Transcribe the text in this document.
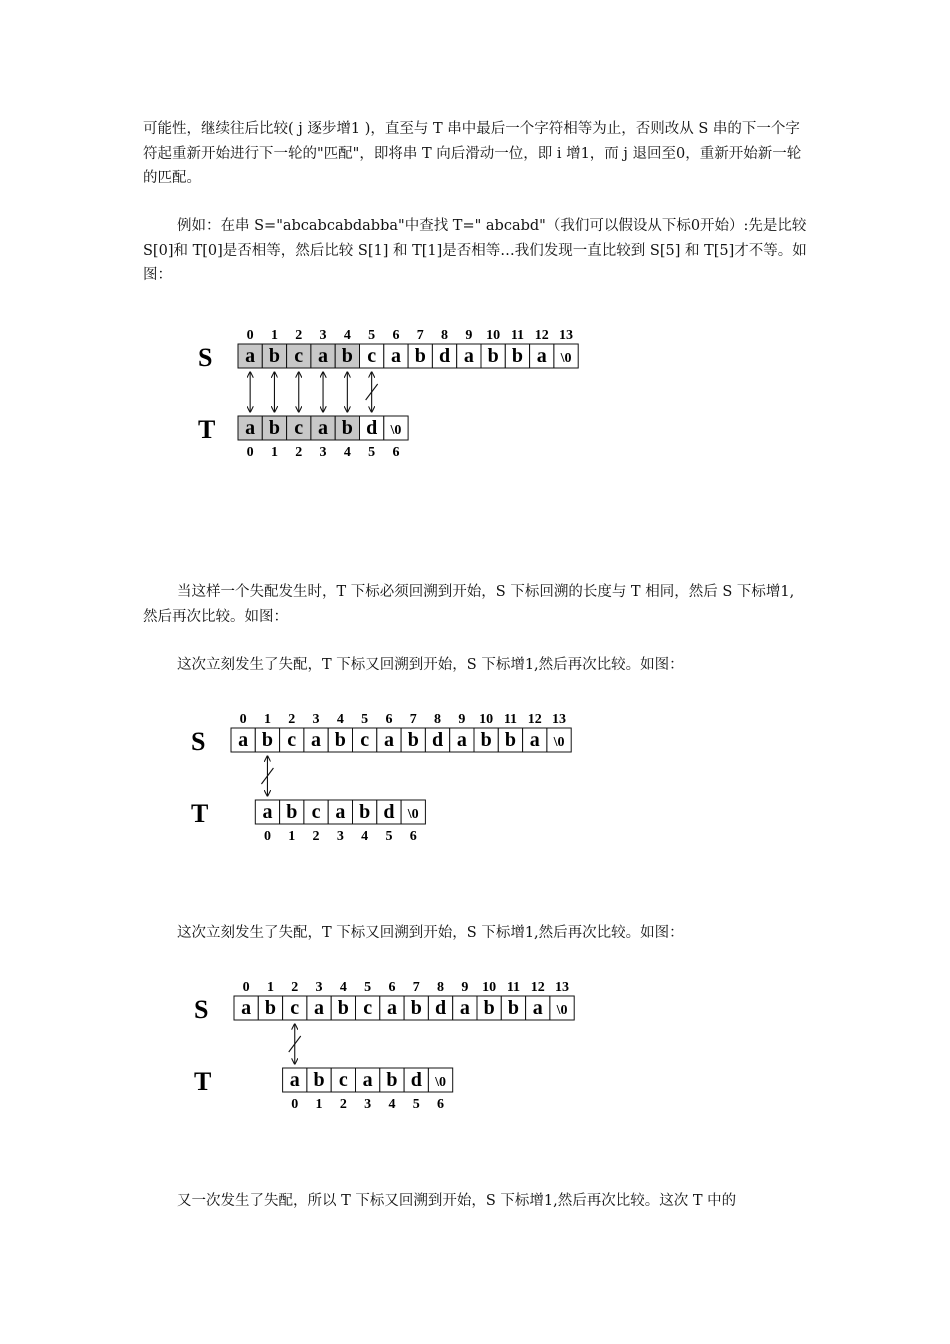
可能性，继续往后比较( j 逐步增1 )，直至与 T 串中最后一个字符相等为止，否则改从 S 串的下一个字符起重新开始进行下一轮的"匹配"，即将串 T 向后滑动一位，即 i 增1，而 j 退回至0，重新开始新一轮的匹配。

例如：在串 S="abcabcabdabba"中查找 T=" abcabd"（我们可以假设从下标0开始）:先是比较 S[0]和 T[0]是否相等，然后比较 S[1] 和 T[1]是否相等…我们发现一直比较到 S[5] 和 T[5]才不等。如图：

当这样一个失配发生时，T 下标必须回溯到开始，S 下标回溯的长度与 T 相同，然后 S 下标增1,然后再次比较。如图：

这次立刻发生了失配，T 下标又回溯到开始，S 下标增1,然后再次比较。如图：

这次立刻发生了失配，T 下标又回溯到开始，S 下标增1,然后再次比较。如图：

又一次发生了失配，所以 T 下标又回溯到开始，S 下标增1,然后再次比较。这次 T 中的

S
T
0 1 2 3 4 5 6 7 8 9 10 11 12 13
a b c a b c a b d a b b a \0
a b c a b d \0
0 1 2 3 4 5 6
S
T
0 1 2 3 4 5 6 7 8 9 10 11 12 13
a b c a b c a b d a b b a \0
a b c a b d \0
0 1 2 3 4 5 6
S
T
0 1 2 3 4 5 6 7 8 9 10 11 12 13
a b c a b c a b d a b b a \0
a b c a b d \0
0 1 2 3 4 5 6
